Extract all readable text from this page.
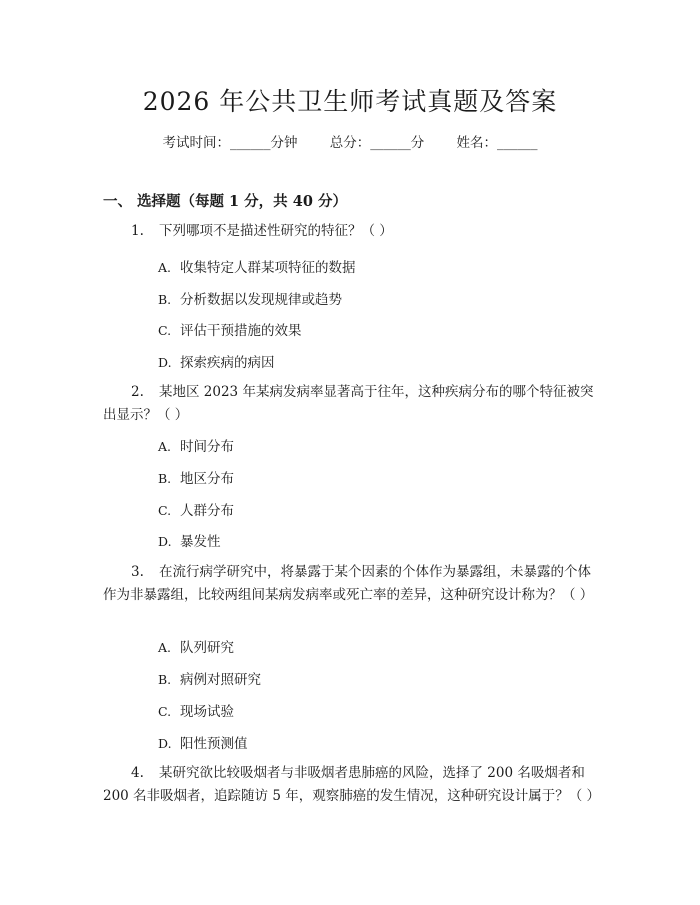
2026 年公共卫生师考试真题及答案
考试时间：______分钟 总分：______分 姓名：______
一、 选择题（每题 1 分，共 40 分）
1. 下列哪项不是描述性研究的特征？（ ）
A. 收集特定人群某项特征的数据
B. 分析数据以发现规律或趋势
C. 评估干预措施的效果
D. 探索疾病的病因
2. 某地区 2023 年某病发病率显著高于往年，这种疾病分布的哪个特征被突出显示？（ ）
A. 时间分布
B. 地区分布
C. 人群分布
D. 暴发性
3. 在流行病学研究中，将暴露于某个因素的个体作为暴露组，未暴露的个体作为非暴露组，比较两组间某病发病率或死亡率的差异，这种研究设计称为？（ ）
A. 队列研究
B. 病例对照研究
C. 现场试验
D. 阳性预测值
4. 某研究欲比较吸烟者与非吸烟者患肺癌的风险，选择了 200 名吸烟者和 200 名非吸烟者，追踪随访 5 年，观察肺癌的发生情况，这种研究设计属于？（ ）
